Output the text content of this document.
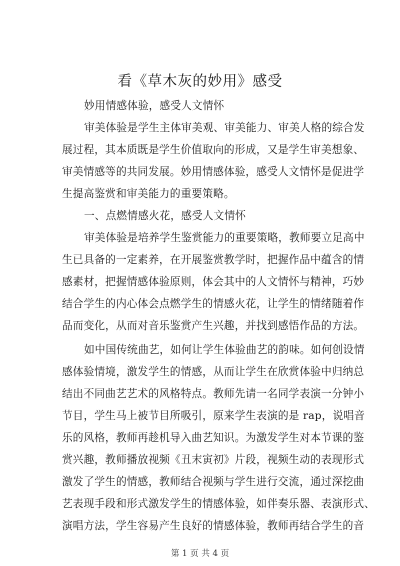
看《草木灰的妙用》感受
妙用情感体验，感受人文情怀
审美体验是学生主体审美观、审美能力、审美人格的综合发
展过程，其本质既是学生价值取向的形成，又是学生审美想象、
审美情感等的共同发展。妙用情感体验，感受人文情怀是促进学
生提高鉴赏和审美能力的重要策略。
一、点燃情感火花，感受人文情怀
审美体验是培养学生鉴赏能力的重要策略，教师要立足高中
生已具备的一定素养，在开展鉴赏教学时，把握作品中蕴含的情
感素材，把握情感体验原则，体会其中的人文情怀与精神，巧妙
结合学生的内心体会点燃学生的情感火花，让学生的情绪随着作
品而变化，从而对音乐鉴赏产生兴趣，并找到感悟作品的方法。
如中国传统曲艺，如何让学生体验曲艺的韵味。如何创设情
感体验情境，激发学生的情感，从而让学生在欣赏体验中归纳总
结出不同曲艺艺术的风格特点。教师先请一名同学表演一分钟小
节目，学生马上被节目所吸引，原来学生表演的是 rap，说唱音
乐的风格，教师再趁机导入曲艺知识。为激发学生对本节课的鉴
赏兴趣，教师播放视频《丑末寅初》片段，视频生动的表现形式
激发了学生的情感，教师结合视频与学生进行交流，通过深挖曲
艺表现手段和形式激发学生的情感体验，如伴奏乐器、表演形式、
演唱方法，学生容易产生良好的情感体验，教师再结合学生的音
第 1 页 共 4 页
